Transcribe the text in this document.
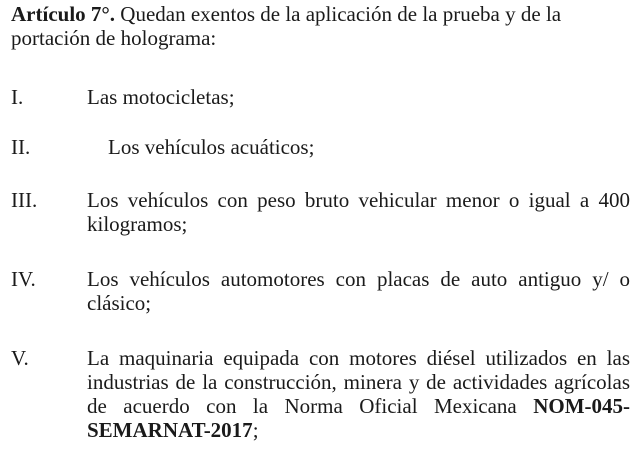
Artículo 7°. Quedan exentos de la aplicación de la prueba y de la portación de holograma:

I.	Las motocicletas;
II.	Los vehículos acuáticos;
III.	Los vehículos con peso bruto vehicular menor o igual a 400 kilogramos;
IV.	Los vehículos automotores con placas de auto antiguo y/ o clásico;
V.	La maquinaria equipada con motores diésel utilizados en las industrias de la construcción, minera y de actividades agrícolas de acuerdo con la Norma Oficial Mexicana NOM-045-SEMARNAT-2017;
